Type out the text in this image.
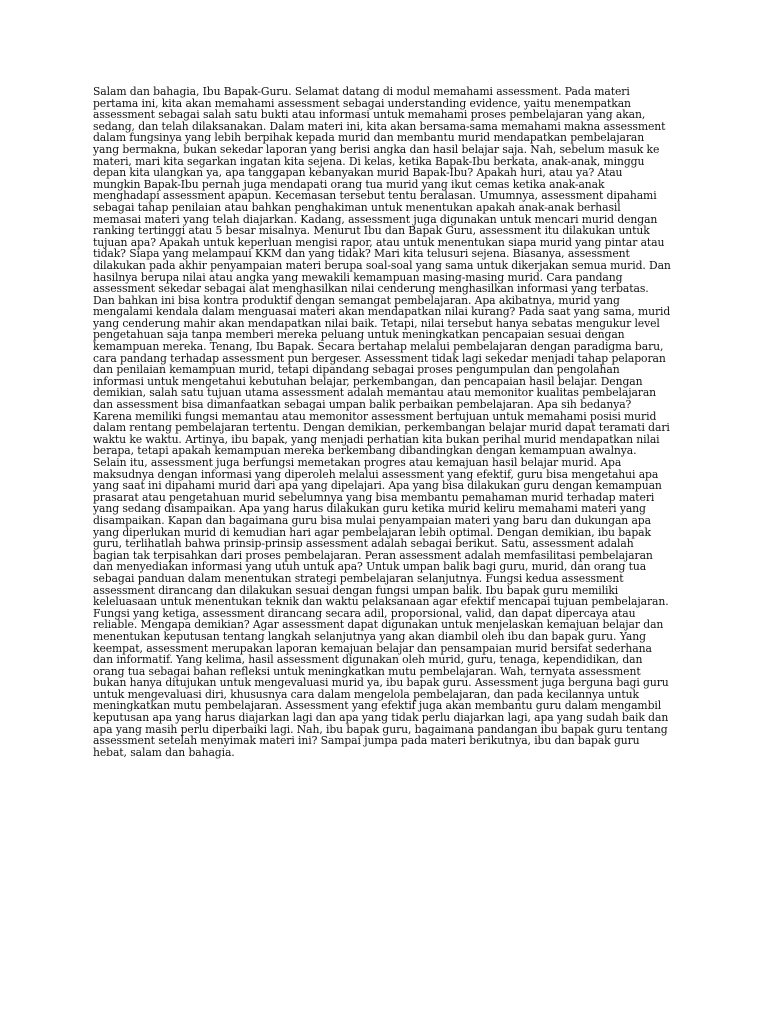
Salam dan bahagia, Ibu Bapak-Guru. Selamat datang di modul memahami assessment. Pada materi pertama ini, kita akan memahami assessment sebagai understanding evidence, yaitu menempatkan assessment sebagai salah satu bukti atau informasi untuk memahami proses pembelajaran yang akan, sedang, dan telah dilaksanakan. Dalam materi ini, kita akan bersama-sama memahami makna assessment dalam fungsinya yang lebih berpihak kepada murid dan membantu murid mendapatkan pembelajaran yang bermakna, bukan sekedar laporan yang berisi angka dan hasil belajar saja. Nah, sebelum masuk ke materi, mari kita segarkan ingatan kita sejena. Di kelas, ketika Bapak-Ibu berkata, anak-anak, minggu depan kita ulangkan ya, apa tanggapan kebanyakan murid Bapak-Ibu? Apakah huri, atau ya? Atau mungkin Bapak-Ibu pernah juga mendapati orang tua murid yang ikut cemas ketika anak-anak menghadapi assessment apapun. Kecemasan tersebut tentu beralasan. Umumnya, assessment dipahami sebagai tahap penilaian atau bahkan penghakiman untuk menentukan apakah anak-anak berhasil memasai materi yang telah diajarkan. Kadang, assessment juga digunakan untuk mencari murid dengan ranking tertinggi atau 5 besar misalnya. Menurut Ibu dan Bapak Guru, assessment itu dilakukan untuk tujuan apa? Apakah untuk keperluan mengisi rapor, atau untuk menentukan siapa murid yang pintar atau tidak? Siapa yang melampaui KKM dan yang tidak? Mari kita telusuri sejena. Biasanya, assessment dilakukan pada akhir penyampaian materi berupa soal-soal yang sama untuk dikerjakan semua murid. Dan hasilnya berupa nilai atau angka yang mewakili kemampuan masing-masing murid. Cara pandang assessment sekedar sebagai alat menghasilkan nilai cenderung menghasilkan informasi yang terbatas. Dan bahkan ini bisa kontra produktif dengan semangat pembelajaran. Apa akibatnya, murid yang mengalami kendala dalam menguasai materi akan mendapatkan nilai kurang? Pada saat yang sama, murid yang cenderung mahir akan mendapatkan nilai baik. Tetapi, nilai tersebut hanya sebatas mengukur level pengetahuan saja tanpa memberi mereka peluang untuk meningkatkan pencapaian sesuai dengan kemampuan mereka. Tenang, Ibu Bapak. Secara bertahap melalui pembelajaran dengan paradigma baru, cara pandang terhadap assessment pun bergeser. Assessment tidak lagi sekedar menjadi tahap pelaporan dan penilaian kemampuan murid, tetapi dipandang sebagai proses pengumpulan dan pengolahan informasi untuk mengetahui kebutuhan belajar, perkembangan, dan pencapaian hasil belajar. Dengan demikian, salah satu tujuan utama assessment adalah memantau atau memonitor kualitas pembelajaran dan assessment bisa dimanfaatkan sebagai umpan balik perbaikan pembelajaran. Apa sih bedanya? Karena memiliki fungsi memantau atau memonitor assessment bertujuan untuk memahami posisi murid dalam rentang pembelajaran tertentu. Dengan demikian, perkembangan belajar murid dapat teramati dari waktu ke waktu. Artinya, ibu bapak, yang menjadi perhatian kita bukan perihal murid mendapatkan nilai berapa, tetapi apakah kemampuan mereka berkembang dibandingkan dengan kemampuan awalnya. Selain itu, assessment juga berfungsi memetakan progres atau kemajuan hasil belajar murid. Apa maksudnya dengan informasi yang diperoleh melalui assessment yang efektif, guru bisa mengetahui apa yang saat ini dipahami murid dari apa yang dipelajari. Apa yang bisa dilakukan guru dengan kemampuan prasarat atau pengetahuan murid sebelumnya yang bisa membantu pemahaman murid terhadap materi yang sedang disampaikan. Apa yang harus dilakukan guru ketika murid keliru memahami materi yang disampaikan. Kapan dan bagaimana guru bisa mulai penyampaian materi yang baru dan dukungan apa yang diperlukan murid di kemudian hari agar pembelajaran lebih optimal. Dengan demikian, ibu bapak guru, terlihatlah bahwa prinsip-prinsip assessment adalah sebagai berikut. Satu, assessment adalah bagian tak terpisahkan dari proses pembelajaran. Peran assessment adalah memfasilitasi pembelajaran dan menyediakan informasi yang utuh untuk apa? Untuk umpan balik bagi guru, murid, dan orang tua sebagai panduan dalam menentukan strategi pembelajaran selanjutnya. Fungsi kedua assessment assessment dirancang dan dilakukan sesuai dengan fungsi umpan balik. Ibu bapak guru memiliki keleluasaan untuk menentukan teknik dan waktu pelaksanaan agar efektif mencapai tujuan pembelajaran. Fungsi yang ketiga, assessment dirancang secara adil, proporsional, valid, dan dapat dipercaya atau reliable. Mengapa demikian? Agar assessment dapat digunakan untuk menjelaskan kemajuan belajar dan menentukan keputusan tentang langkah selanjutnya yang akan diambil oleh ibu dan bapak guru. Yang keempat, assessment merupakan laporan kemajuan belajar dan pensampaian murid bersifat sederhana dan informatif. Yang kelima, hasil assessment digunakan oleh murid, guru, tenaga, kependidikan, dan orang tua sebagai bahan refleksi untuk meningkatkan mutu pembelajaran. Wah, ternyata assessment bukan hanya ditujukan untuk mengevaluasi murid ya, ibu bapak guru. Assessment juga berguna bagi guru untuk mengevaluasi diri, khususnya cara dalam mengelola pembelajaran, dan pada kecilannya untuk meningkatkan mutu pembelajaran. Assessment yang efektif juga akan membantu guru dalam mengambil keputusan apa yang harus diajarkan lagi dan apa yang tidak perlu diajarkan lagi, apa yang sudah baik dan apa yang masih perlu diperbaiki lagi. Nah, ibu bapak guru, bagaimana pandangan ibu bapak guru tentang assessment setelah menyimak materi ini? Sampai jumpa pada materi berikutnya, ibu dan bapak guru hebat, salam dan bahagia.
